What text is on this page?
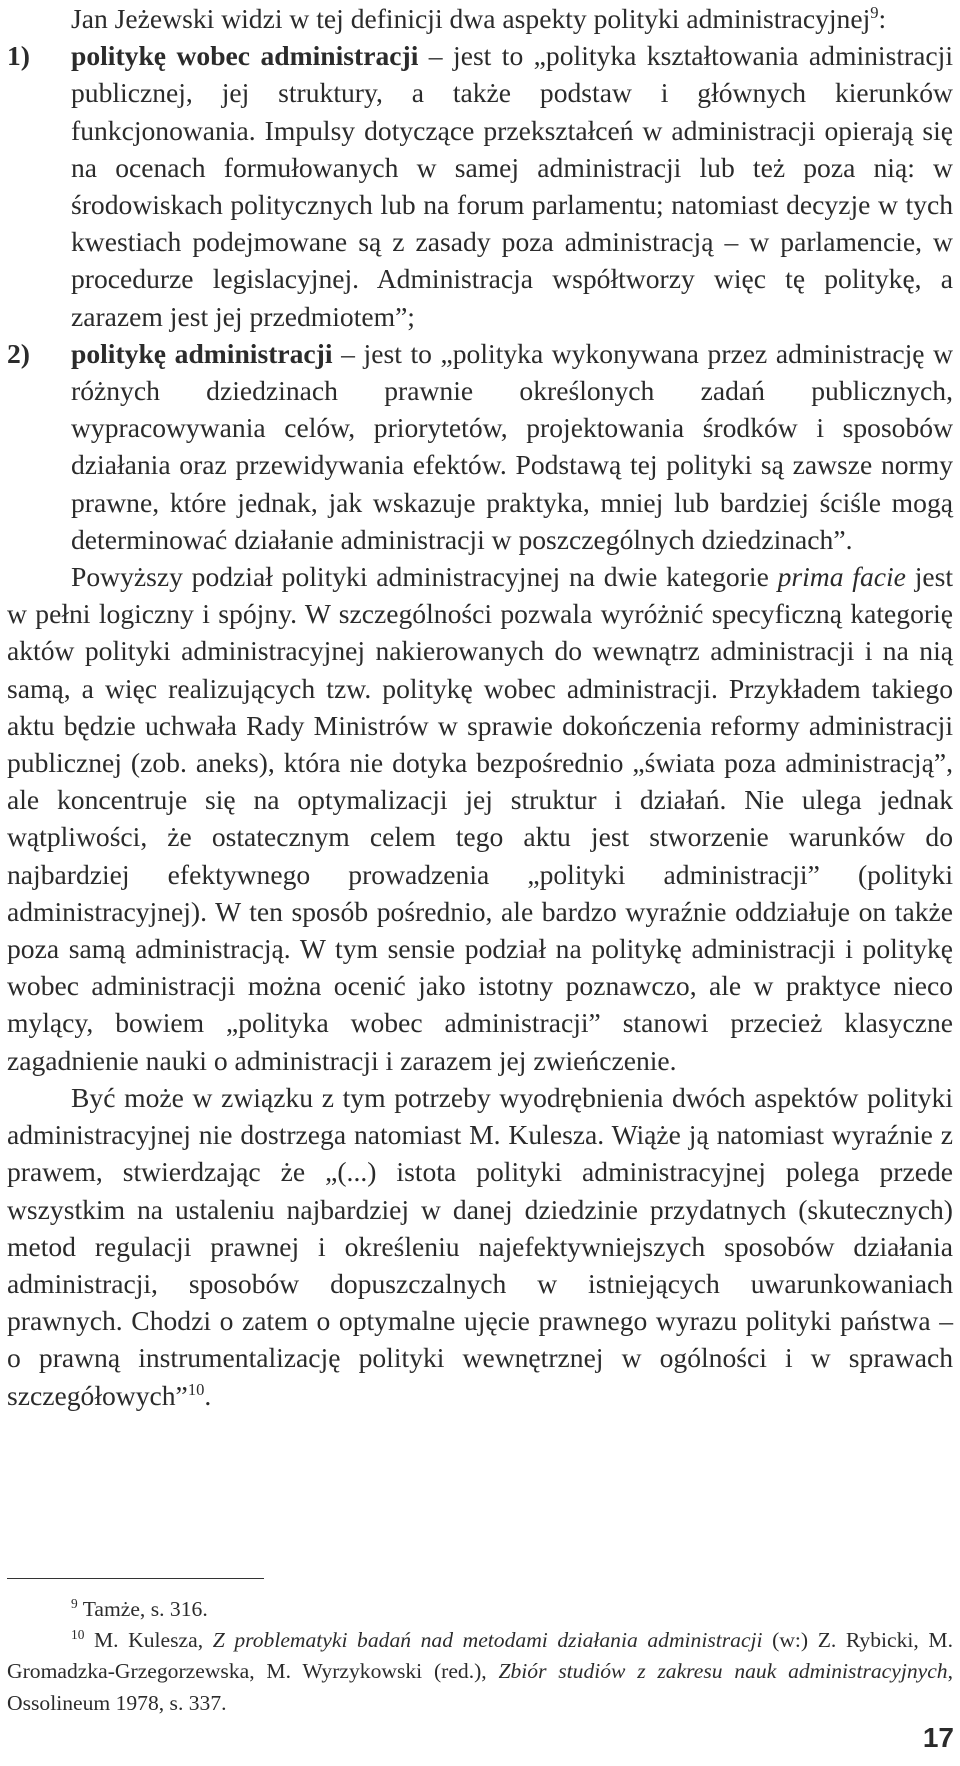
Jan Jeżewski widzi w tej definicji dwa aspekty polityki administracyjnej$^9$:

1) politykę wobec administracji – jest to „polityka kształtowania administracji publicznej, jej struktury, a także podstaw i głównych kierunków funkcjonowania. Impulsy dotyczące przekształceń w administracji opierają się na ocenach formułowanych w samej administracji lub też poza nią: w środowiskach politycznych lub na forum parlamentu; natomiast decyzje w tych kwestiach podejmowane są z zasady poza administracją – w parlamencie, w procedurze legislacyjnej. Administracja współtworzy więc tę politykę, a zarazem jest jej przedmiotem”;

2) politykę administracji – jest to „polityka wykonywana przez administrację w różnych dziedzinach prawnie określonych zadań publicznych, wypracowywania celów, priorytetów, projektowania środków i sposobów działania oraz przewidywania efektów. Podstawą tej polityki są zawsze normy prawne, które jednak, jak wskazuje praktyka, mniej lub bardziej ściśle mogą determinować działanie administracji w poszczególnych dziedzinach”.

Powyższy podział polityki administracyjnej na dwie kategorie prima facie jest w pełni logiczny i spójny. W szczególności pozwala wyróżnić specyficzną kategorię aktów polityki administracyjnej nakierowanych do wewnątrz administracji i na nią samą, a więc realizujących tzw. politykę wobec administracji. Przykładem takiego aktu będzie uchwała Rady Ministrów w sprawie dokończenia reformy administracji publicznej (zob. aneks), która nie dotyka bezpośrednio „świata poza administracją”, ale koncentruje się na optymalizacji jej struktur i działań. Nie ulega jednak wątpliwości, że ostatecznym celem tego aktu jest stworzenie warunków do najbardziej efektywnego prowadzenia „polityki administracji” (polityki administracyjnej). W ten sposób pośrednio, ale bardzo wyraźnie oddziałuje on także poza samą administracją. W tym sensie podział na politykę administracji i politykę wobec administracji można ocenić jako istotny poznawczo, ale w praktyce nieco mylący, bowiem „polityka wobec administracji” stanowi przecież klasyczne zagadnienie nauki o administracji i zarazem jej zwieńczenie.

Być może w związku z tym potrzeby wyodrębnienia dwóch aspektów polityki administracyjnej nie dostrzega natomiast M. Kulesza. Wiąże ją natomiast wyraźnie z prawem, stwierdzając że „(...) istota polityki administracyjnej polega przede wszystkim na ustaleniu najbardziej w danej dziedzinie przydatnych (skutecznych) metod regulacji prawnej i określeniu najefektywniejszych sposobów działania administracji, sposobów dopuszczalnych w istniejących uwarunkowaniach prawnych. Chodzi o zatem o optymalne ujęcie prawnego wyrazu polityki państwa – o prawną instrumentalizację polityki wewnętrznej w ogólności i w sprawach szczegółowych”$^{10}$.

$^9$ Tamże, s. 316.

$^{10}$ M. Kulesza, Z problematyki badań nad metodami działania administracji (w:) Z. Rybicki, M. Gromadzka-Grzegorzewska, M. Wyrzykowski (red.), Zbiór studiów z zakresu nauk administracyjnych, Ossolineum 1978, s. 337.

17
